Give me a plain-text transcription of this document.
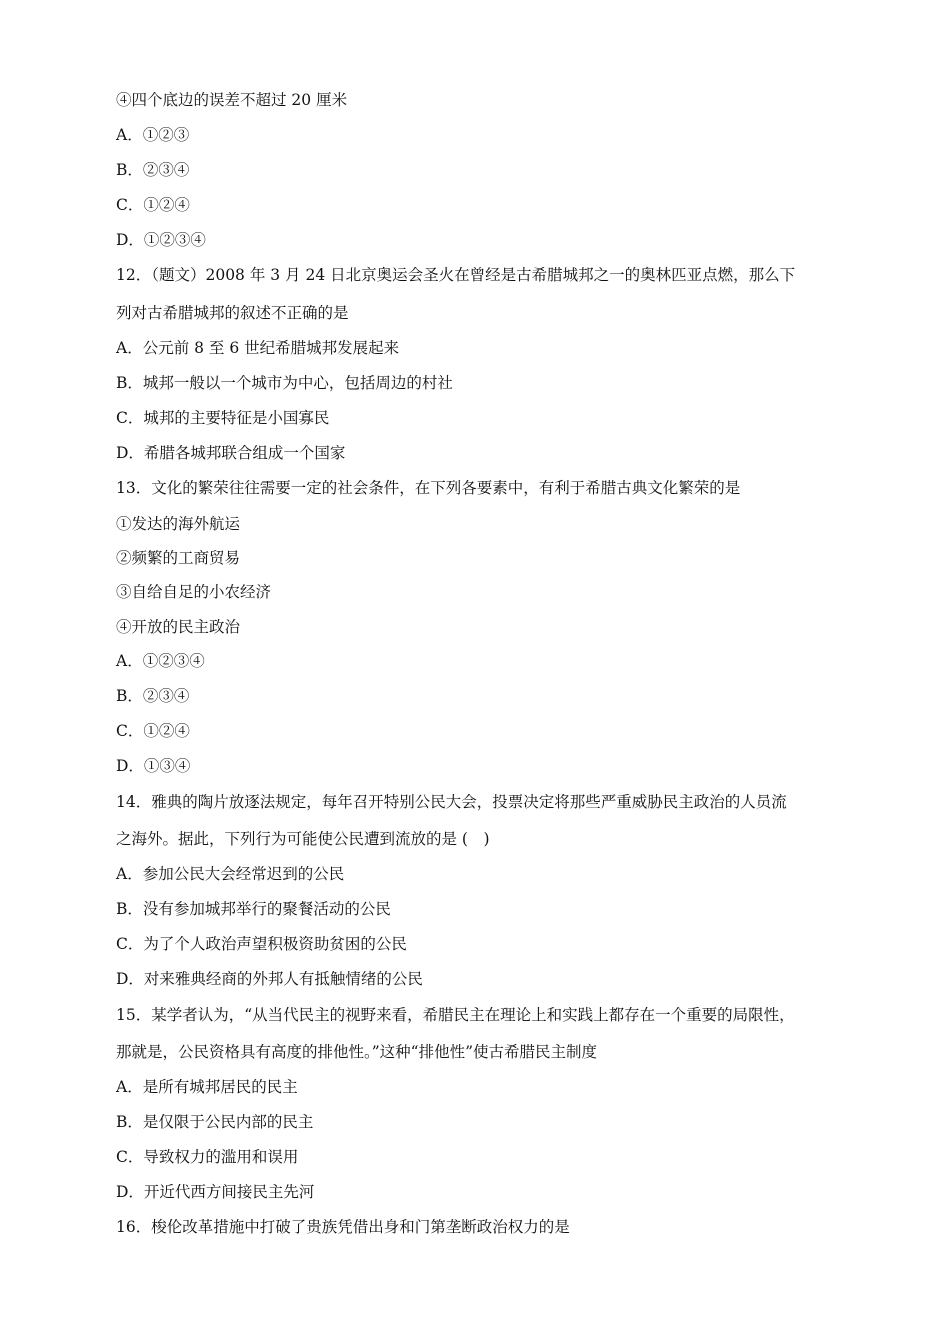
④四个底边的误差不超过 20 厘米
A．①②③
B．②③④
C．①②④
D．①②③④
12．（题文）2008 年 3 月 24 日北京奥运会圣火在曾经是古希腊城邦之一的奥林匹亚点燃，那么下
列对古希腊城邦的叙述不正确的是
A．公元前 8 至 6 世纪希腊城邦发展起来
B．城邦一般以一个城市为中心，包括周边的村社
C．城邦的主要特征是小国寡民
D．希腊各城邦联合组成一个国家
13．文化的繁荣往往需要一定的社会条件，在下列各要素中，有利于希腊古典文化繁荣的是
①发达的海外航运
②频繁的工商贸易
③自给自足的小农经济
④开放的民主政治
A．①②③④
B．②③④
C．①②④
D．①③④
14．雅典的陶片放逐法规定，每年召开特别公民大会，投票决定将那些严重威胁民主政治的人员流
之海外。据此，下列行为可能使公民遭到流放的是 (　)
A．参加公民大会经常迟到的公民
B．没有参加城邦举行的聚餐活动的公民
C．为了个人政治声望积极资助贫困的公民
D．对来雅典经商的外邦人有抵触情绪的公民
15．某学者认为，“从当代民主的视野来看，希腊民主在理论上和实践上都存在一个重要的局限性，
那就是，公民资格具有高度的排他性。”这种“排他性”使古希腊民主制度
A．是所有城邦居民的民主
B．是仅限于公民内部的民主
C．导致权力的滥用和误用
D．开近代西方间接民主先河
16．梭伦改革措施中打破了贵族凭借出身和门第垄断政治权力的是
